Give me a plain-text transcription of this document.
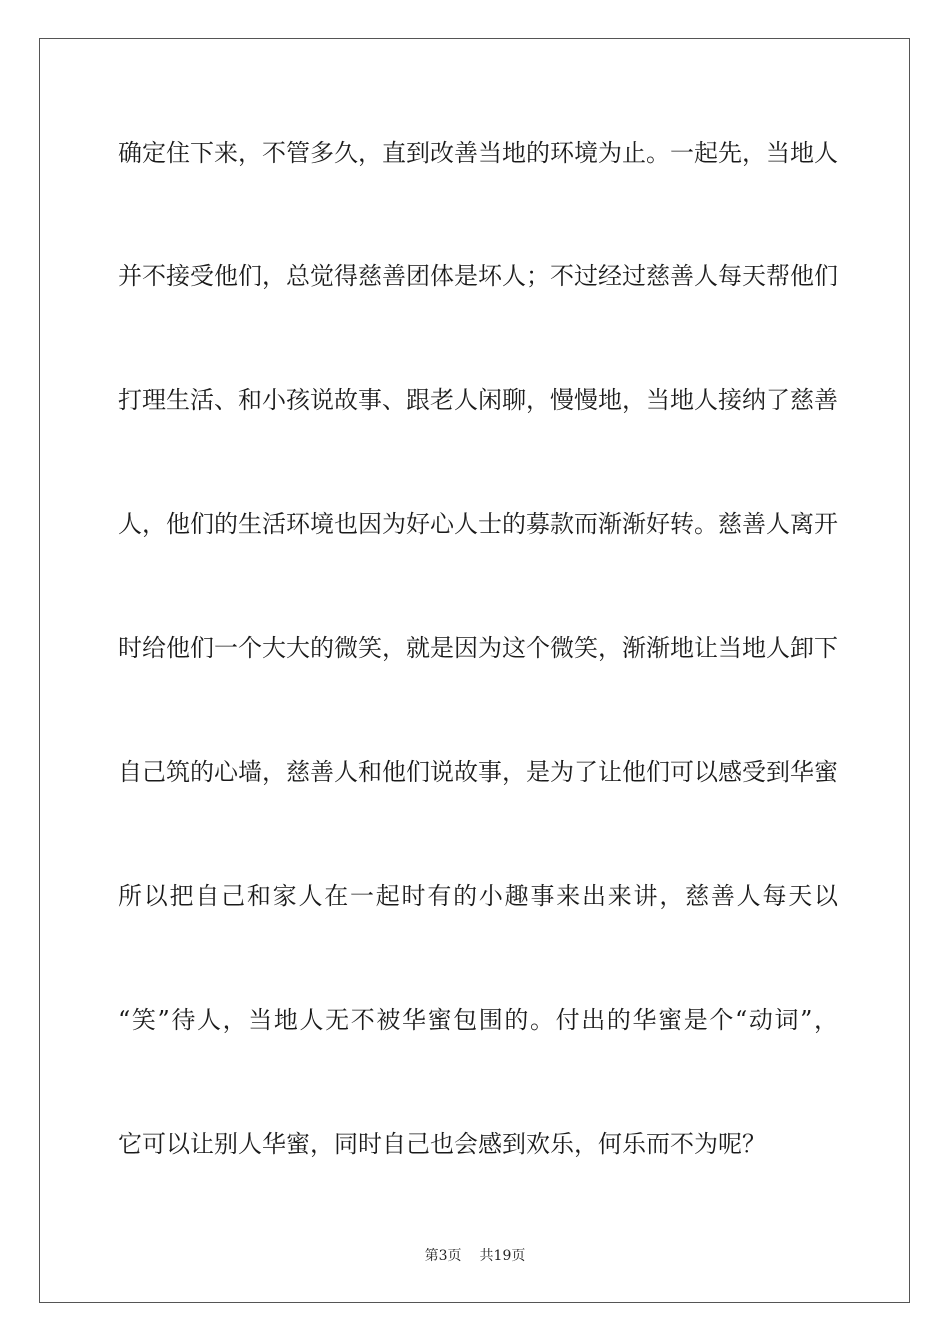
确定住下来，不管多久，直到改善当地的环境为止。一起先，当地人
并不接受他们，总觉得慈善团体是坏人；不过经过慈善人每天帮他们
打理生活、和小孩说故事、跟老人闲聊，慢慢地，当地人接纳了慈善
人，他们的生活环境也因为好心人士的募款而渐渐好转。慈善人离开
时给他们一个大大的微笑，就是因为这个微笑，渐渐地让当地人卸下
自己筑的心墙，慈善人和他们说故事，是为了让他们可以感受到华蜜
所以把自己和家人在一起时有的小趣事来出来讲，慈善人每天以
“笑”待人，当地人无不被华蜜包围的。付出的华蜜是个“动词”，
它可以让别人华蜜，同时自己也会感到欢乐，何乐而不为呢？
第3页 共19页
